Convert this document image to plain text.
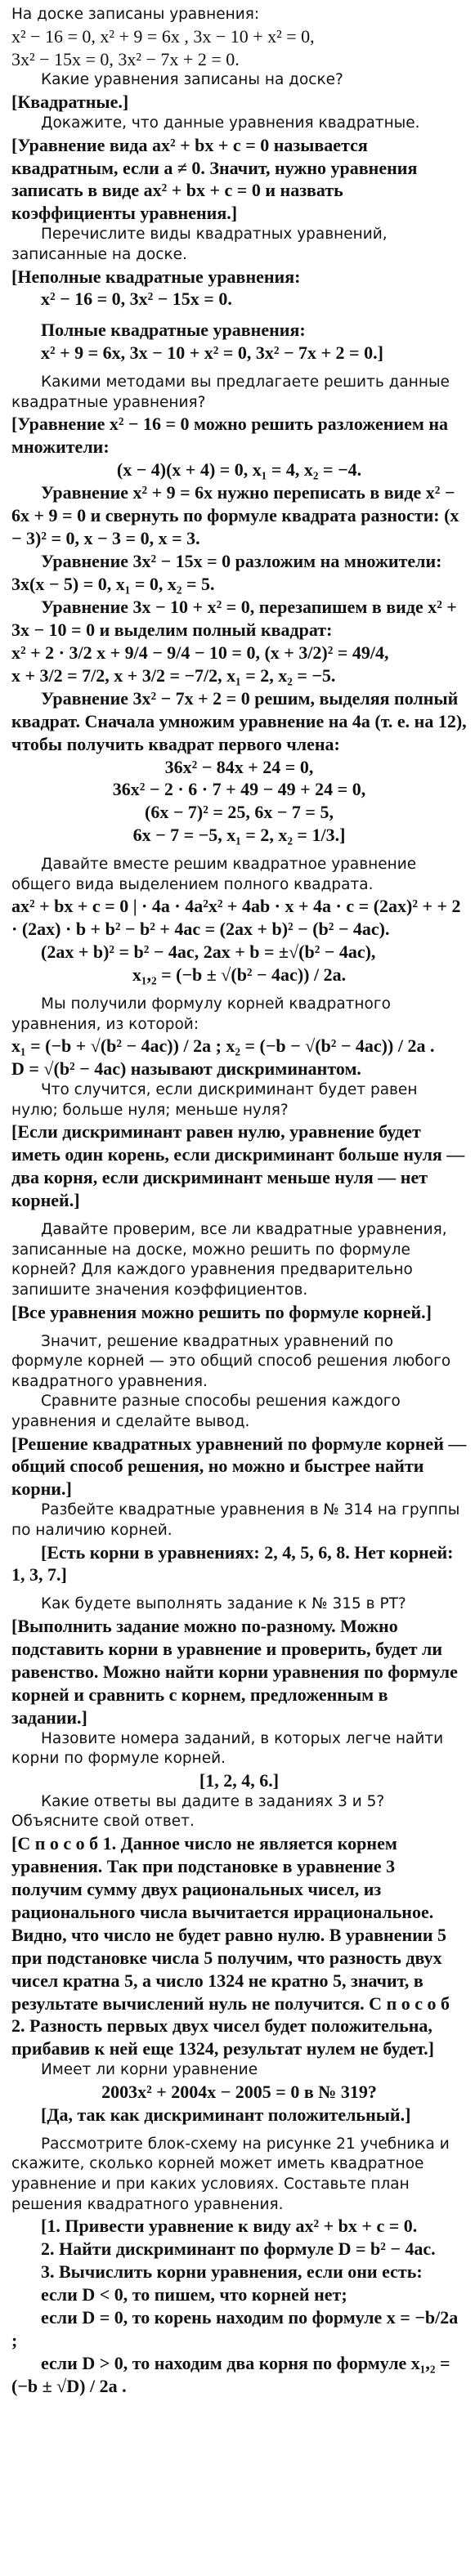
На доске записаны уравнения:

x² − 16 = 0, x² + 9 = 6x , 3x − 10 + x² = 0,

3x² − 15x = 0, 3x² − 7x + 2 = 0.

Какие уравнения записаны на доске?

[Квадратные.]

Докажите, что данные уравнения квадратные.

[Уравнение вида ax² + bx + c = 0 называется квадратным, если a ≠ 0. Значит, нужно уравнения записать в виде ax² + bx + c = 0 и назвать коэффициенты уравнения.]

Перечислите виды квадратных уравнений, записанные на доске.

[Неполные квадратные уравнения:

x² − 16 = 0, 3x² − 15x = 0.

Полные квадратные уравнения:

x² + 9 = 6x, 3x − 10 + x² = 0, 3x² − 7x + 2 = 0.]

Какими методами вы предлагаете решить данные квадратные уравнения?

[Уравнение x² − 16 = 0 можно решить разложением на множители:

(x − 4)(x + 4) = 0, x₁ = 4, x₂ = −4.

Уравнение x² + 9 = 6x нужно переписать в виде x² − 6x + 9 = 0 и свернуть по формуле квадрата разности: (x − 3)² = 0, x − 3 = 0, x = 3.

Уравнение 3x² − 15x = 0 разложим на множители: 3x(x − 5) = 0, x₁ = 0, x₂ = 5.

Уравнение 3x − 10 + x² = 0, перезапишем в виде x² + 3x − 10 = 0 и выделим полный квадрат:

x² + 2 · 3/2 x + 9/4 − 9/4 − 10 = 0, (x + 3/2)² = 49/4,

x + 3/2 = 7/2, x + 3/2 = −7/2, x₁ = 2, x₂ = −5.

Уравнение 3x² − 7x + 2 = 0 решим, выделяя полный квадрат. Сначала умножим уравнение на 4a (т. е. на 12), чтобы получить квадрат первого члена:

36x² − 84x + 24 = 0,

36x² − 2 · 6 · 7 + 49 − 49 + 24 = 0,

(6x − 7)² = 25, 6x − 7 = 5,

6x − 7 = −5, x₁ = 2, x₂ = 1/3.]

Давайте вместе решим квадратное уравнение общего вида выделением полного квадрата.

ax² + bx + c = 0 | · 4a · 4a²x² + 4ab · x + 4a · c = (2ax)² + + 2 · (2ax) · b + b² − b² + 4ac = (2ax + b)² − (b² − 4ac).

(2ax + b)² = b² − 4ac, 2ax + b = ±√(b² − 4ac),

x₁,₂ = (−b ± √(b² − 4ac)) / 2a.

Мы получили формулу корней квадратного уравнения, из которой:

x₁ = (−b + √(b² − 4ac)) / 2a ; x₂ = (−b − √(b² − 4ac)) / 2a .

D = √(b² − 4ac) называют дискриминантом.

Что случится, если дискриминант будет равен нулю; больше нуля; меньше нуля?

[Если дискриминант равен нулю, уравнение будет иметь один корень, если дискриминант больше нуля — два корня, если дискриминант меньше нуля — нет корней.]

Давайте проверим, все ли квадратные уравнения, записанные на доске, можно решить по формуле корней? Для каждого уравнения предварительно запишите значения коэффициентов.

[Все уравнения можно решить по формуле корней.]

Значит, решение квадратных уравнений по формуле корней — это общий способ решения любого квадратного уравнения.

Сравните разные способы решения каждого уравнения и сделайте вывод.

[Решение квадратных уравнений по формуле корней — общий способ решения, но можно и быстрее найти корни.]

Разбейте квадратные уравнения в № 314 на группы по наличию корней.

[Есть корни в уравнениях: 2, 4, 5, 6, 8. Нет корней: 1, 3, 7.]

Как будете выполнять задание к № 315 в РТ?

[Выполнить задание можно по-разному. Можно подставить корни в уравнение и проверить, будет ли равенство. Можно найти корни уравнения по формуле корней и сравнить с корнем, предложенным в задании.]

Назовите номера заданий, в которых легче найти корни по формуле корней.

[1, 2, 4, 6.]

Какие ответы вы дадите в заданиях 3 и 5? Объясните свой ответ.

[С п о с о б 1. Данное число не является корнем уравнения. Так при подстановке в уравнение 3 получим сумму двух рациональных чисел, из рационального числа вычитается иррациональное. Видно, что число не будет равно нулю. В уравнении 5 при подстановке числа 5 получим, что разность двух чисел кратна 5, а число 1324 не кратно 5, значит, в результате вычислений нуль не получится. С п о с о б 2. Разность первых двух чисел будет положительна, прибавив к ней еще 1324, результат нулем не будет.]

Имеет ли корни уравнение

2003x² + 2004x − 2005 = 0 в № 319?

[Да, так как дискриминант положительный.]

Рассмотрите блок-схему на рисунке 21 учебника и скажите, сколько корней может иметь квадратное уравнение и при каких условиях. Составьте план решения квадратного уравнения.

[1. Привести уравнение к виду ax² + bx + c = 0.

2. Найти дискриминант по формуле D = b² − 4ac.

3. Вычислить корни уравнения, если они есть:

если D < 0, то пишем, что корней нет;

если D = 0, то корень находим по формуле x = −b/2a ;

если D > 0, то находим два корня по формуле x₁,₂ = (−b ± √D) / 2a .
